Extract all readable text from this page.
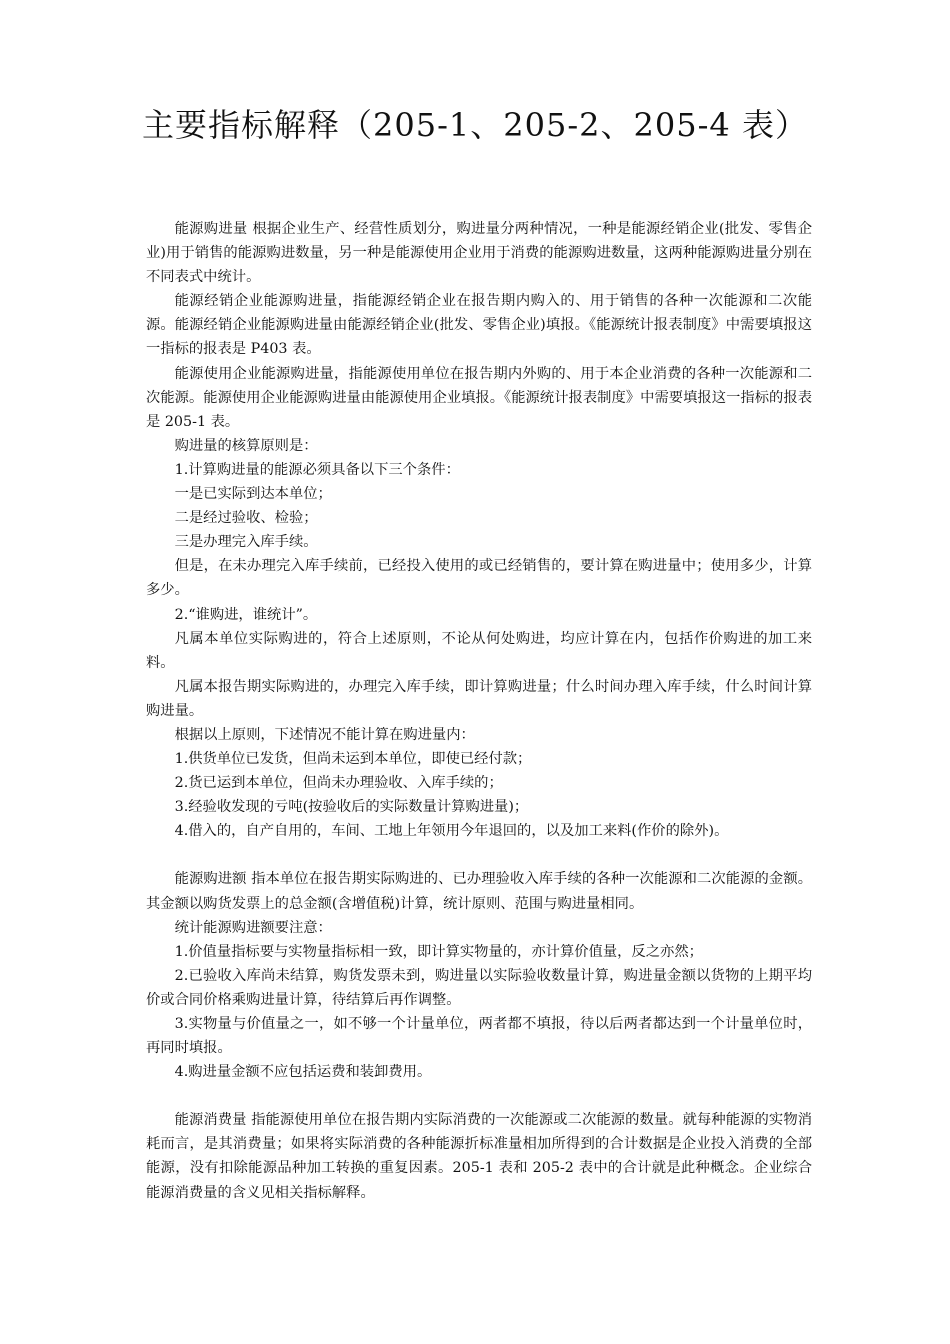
主要指标解释（205-1、205-2、205-4 表）

能源购进量 根据企业生产、经营性质划分，购进量分两种情况，一种是能源经销企业(批发、零售企业)用于销售的能源购进数量，另一种是能源使用企业用于消费的能源购进数量，这两种能源购进量分别在不同表式中统计。

能源经销企业能源购进量，指能源经销企业在报告期内购入的、用于销售的各种一次能源和二次能源。能源经销企业能源购进量由能源经销企业(批发、零售企业)填报。《能源统计报表制度》中需要填报这一指标的报表是 P403 表。

能源使用企业能源购进量，指能源使用单位在报告期内外购的、用于本企业消费的各种一次能源和二次能源。能源使用企业能源购进量由能源使用企业填报。《能源统计报表制度》中需要填报这一指标的报表是 205-1 表。

购进量的核算原则是：

1.计算购进量的能源必须具备以下三个条件：

一是已实际到达本单位；

二是经过验收、检验；

三是办理完入库手续。

但是，在未办理完入库手续前，已经投入使用的或已经销售的，要计算在购进量中；使用多少，计算多少。

2.“谁购进，谁统计”。

凡属本单位实际购进的，符合上述原则，不论从何处购进，均应计算在内，包括作价购进的加工来料。

凡属本报告期实际购进的，办理完入库手续，即计算购进量；什么时间办理入库手续，什么时间计算购进量。

根据以上原则，下述情况不能计算在购进量内：

1.供货单位已发货，但尚未运到本单位，即使已经付款；

2.货已运到本单位，但尚未办理验收、入库手续的；

3.经验收发现的亏吨(按验收后的实际数量计算购进量)；

4.借入的，自产自用的，车间、工地上年领用今年退回的，以及加工来料(作价的除外)。

能源购进额 指本单位在报告期实际购进的、已办理验收入库手续的各种一次能源和二次能源的金额。其金额以购货发票上的总金额(含增值税)计算，统计原则、范围与购进量相同。

统计能源购进额要注意：

1.价值量指标要与实物量指标相一致，即计算实物量的，亦计算价值量，反之亦然；

2.已验收入库尚未结算，购货发票未到，购进量以实际验收数量计算，购进量金额以货物的上期平均价或合同价格乘购进量计算，待结算后再作调整。

3.实物量与价值量之一，如不够一个计量单位，两者都不填报，待以后两者都达到一个计量单位时，再同时填报。

4.购进量金额不应包括运费和装卸费用。

能源消费量 指能源使用单位在报告期内实际消费的一次能源或二次能源的数量。就每种能源的实物消耗而言，是其消费量；如果将实际消费的各种能源折标准量相加所得到的合计数据是企业投入消费的全部能源，没有扣除能源品种加工转换的重复因素。205-1 表和 205-2 表中的合计就是此种概念。企业综合能源消费量的含义见相关指标解释。
